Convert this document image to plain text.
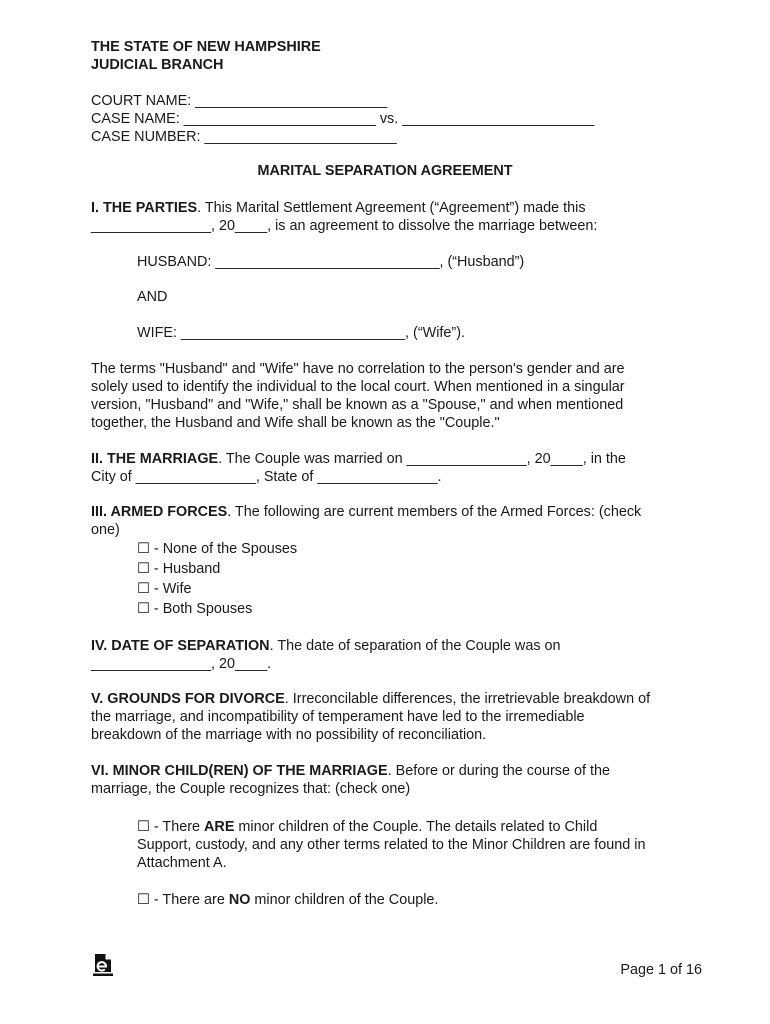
THE STATE OF NEW HAMPSHIRE
JUDICIAL BRANCH
COURT NAME: ________________________
CASE NAME: ________________________ vs. ________________________
CASE NUMBER: ________________________
MARITAL SEPARATION AGREEMENT
I. THE PARTIES. This Marital Settlement Agreement (“Agreement”) made this
_______________, 20____, is an agreement to dissolve the marriage between:
HUSBAND: ____________________________, (“Husband”)
AND
WIFE: ____________________________, (“Wife”).
The terms "Husband" and "Wife" have no correlation to the person's gender and are
solely used to identify the individual to the local court. When mentioned in a singular
version, "Husband" and "Wife," shall be known as a "Spouse," and when mentioned
together, the Husband and Wife shall be known as the "Couple."
II. THE MARRIAGE. The Couple was married on _______________, 20____, in the
City of _______________, State of _______________.
III. ARMED FORCES. The following are current members of the Armed Forces: (check
one)
☐ - None of the Spouses
☐ - Husband
☐ - Wife
☐ - Both Spouses
IV. DATE OF SEPARATION. The date of separation of the Couple was on
_______________, 20____.
V. GROUNDS FOR DIVORCE. Irreconcilable differences, the irretrievable breakdown of
the marriage, and incompatibility of temperament have led to the irremediable
breakdown of the marriage with no possibility of reconciliation.
VI. MINOR CHILD(REN) OF THE MARRIAGE. Before or during the course of the
marriage, the Couple recognizes that: (check one)
☐ - There ARE minor children of the Couple. The details related to Child
Support, custody, and any other terms related to the Minor Children are found in
Attachment A.
☐ - There are NO minor children of the Couple.
Page 1 of 16
